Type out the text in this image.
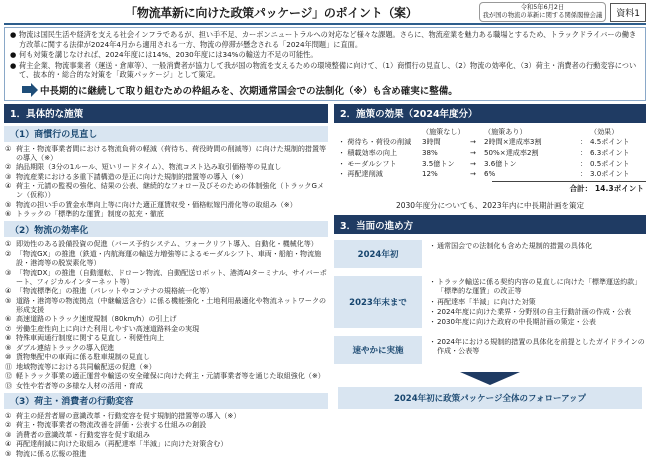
「物流革新に向けた政策パッケージ」のポイント（案）	令和5年6月2日
我が国の物流の革新に関する関係閣僚会議	資料1
● 物流は国民生活や経済を支える社会インフラであるが、担い手不足、カーボンニュートラルへの対応など様々な課題。さらに、物流産業を魅力ある職場とするため、トラックドライバーの働き方改革に関する法律が2024年4月から適用される一方、物流の停滞が懸念される「2024年問題」に直面。
● 何も対策を講じなければ、2024年度には14%、2030年度には34%の輸送力不足の可能性。
● 荷主企業、物流事業者（運送・倉庫等）、一般消費者が協力して我が国の物流を支えるための環境整備に向けて、（1）商慣行の見直し、（2）物流の効率化、（3）荷主・消費者の行動変容について、抜本的・総合的な対策を「政策パッケージ」として策定。
中長期的に継続して取り組むための枠組みを、次期通常国会での法制化（※）も含め確実に整備。
1．具体的な施策
（1）商慣行の見直し
① 荷主・物流事業者間における物流負荷の軽減（荷待ち、荷役時間の削減等）に向けた規制的措置等の導入（※）
② 納品期限（3分の1ルール、短いリードタイム）、物流コスト込み取引価格等の見直し
③ 物流産業における多重下請構造の是正に向けた規制的措置等の導入（※）
④ 荷主・元請の監視の強化、結果の公表、継続的なフォロー及びそのための体制強化（トラックGメン（仮称））
⑤ 物流の担い手の賃金水準向上等に向けた適正運賃収受・価格転嫁円滑化等の取組み（※）
⑥ トラックの「標準的な運賃」制度の拡充・徹底
（2）物流の効率化
① 即効性のある設備投資の促進（バース予約システム、フォークリフト導入、自動化・機械化等）
② 「物流GX」の推進（鉄道・内航海運の輸送力増強等によるモーダルシフト、車両・船舶・物流施設・港湾等の脱炭素化等）
③ 「物流DX」の推進（自動運転、ドローン物流、自動配送ロボット、港湾AIターミナル、サイバーポート、フィジカルインターネット等）
④ 「物流標準化」の推進（パレットやコンテナの規格統一化等）
⑤ 道路・港湾等の物流拠点（中継輸送含む）に係る機能強化・土地利用最適化や物流ネットワークの形成支援
⑥ 高速道路のトラック速度規制（80km/h）の引上げ
⑦ 労働生産性向上に向けた利用しやすい高速道路料金の実現
⑧ 特殊車両通行制度に関する見直し・利便性向上
⑨ ダブル連結トラックの導入促進
⑩ 貨物集配中の車両に係る駐車規制の見直し
⑪ 地域物流等における共同輸配送の促進（※）
⑫ 軽トラック事業の適正運営や輸送の安全確保に向けた荷主・元請事業者等を通じた取組強化（※）
⑬ 女性や若者等の多様な人材の活用・育成
（3）荷主・消費者の行動変容
① 荷主の経営者層の意識改革・行動変容を促す規制的措置等の導入（※）
② 荷主・物流事業者の物流改善を評価・公表する仕組みの創設
③ 消費者の意識改革・行動変容を促す取組み
④ 再配達削減に向けた取組み（再配達率「半減」に向けた対策含む）
⑤ 物流に係る広報の推進
2．施策の効果（2024年度分）
（施策なし）	（施策あり）	（効果）
・ 荷待ち・荷役の削減	3時間	→	2時間×達成率3割	： 4.5ポイント
・ 積載効率の向上	38%	→	50%×達成率2割	： 6.3ポイント
・ モーダルシフト	3.5億トン	→	3.6億トン	： 0.5ポイント
・ 再配達削減	12%	→	6%	： 3.0ポイント
合計： 14.3ポイント
2030年度分についても、2023年内に中長期計画を策定
3．当面の進め方
2024年初
・ 通常国会での法制化も含めた規制的措置の具体化
2023年末まで
・ トラック輸送に係る契約内容の見直しに向けた「標準運送約款」「標準的な運賃」の改正等
・ 再配達率「半減」に向けた対策
・ 2024年度に向けた業界・分野別の自主行動計画の作成・公表
・ 2030年度に向けた政府の中長期計画の策定・公表
速やかに実施
・ 2024年における規制的措置の具体化を前提としたガイドラインの作成・公表等
2024年初に政策パッケージ全体のフォローアップ
